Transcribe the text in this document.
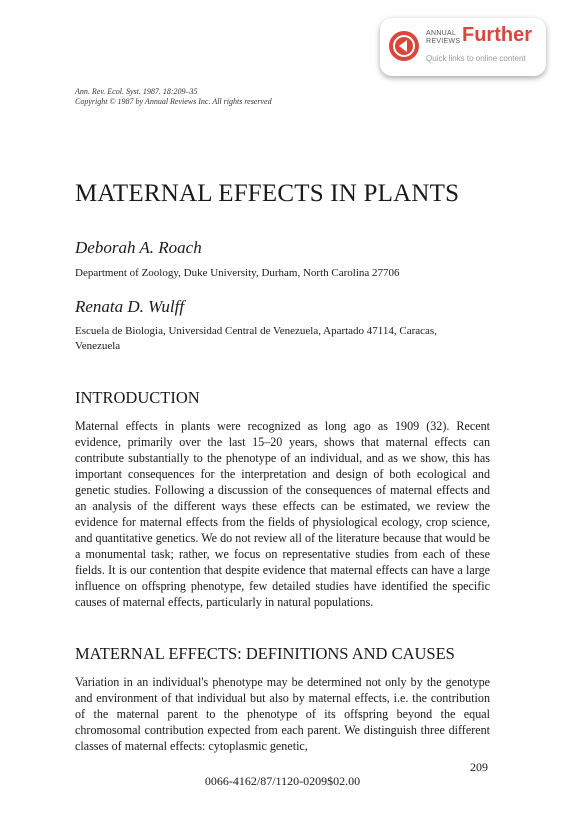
ANNUAL
REVIEWS Further
Quick links to online content
Ann. Rev. Ecol. Syst. 1987. 18:209–35
Copyright © 1987 by Annual Reviews Inc. All rights reserved
MATERNAL EFFECTS IN PLANTS
Deborah A. Roach
Department of Zoology, Duke University, Durham, North Carolina 27706
Renata D. Wulff
Escuela de Biologia, Universidad Central de Venezuela, Apartado 47114, Caracas, Venezuela
INTRODUCTION

Maternal effects in plants were recognized as long ago as 1909 (32). Recent evidence, primarily over the last 15–20 years, shows that maternal effects can contribute substantially to the phenotype of an individual, and as we show, this has important consequences for the interpretation and design of both ecological and genetic studies. Following a discussion of the consequences of maternal effects and an analysis of the different ways these effects can be estimated, we review the evidence for maternal effects from the fields of physiological ecology, crop science, and quantitative genetics. We do not review all of the literature because that would be a monumental task; rather, we focus on representative studies from each of these fields. It is our contention that despite evidence that maternal effects can have a large influence on offspring phenotype, few detailed studies have identified the specific causes of maternal effects, particularly in natural populations.

MATERNAL EFFECTS: DEFINITIONS AND CAUSES

Variation in an individual's phenotype may be determined not only by the genotype and environment of that individual but also by maternal effects, i.e. the contribution of the maternal parent to the phenotype of its offspring beyond the equal chromosomal contribution expected from each parent. We distinguish three different classes of maternal effects: cytoplasmic genetic,

209
0066-4162/87/1120-0209$02.00
